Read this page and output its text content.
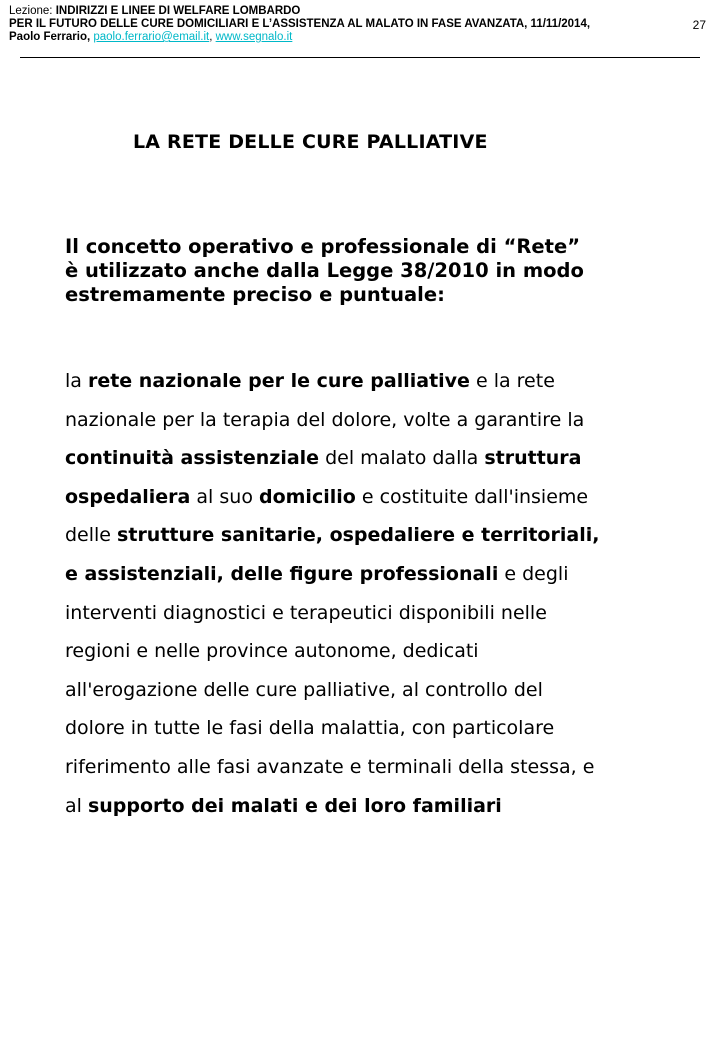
Lezione: INDIRIZZI E LINEE DI WELFARE LOMBARDO
PER IL FUTURO DELLE CURE DOMICILIARI E L’ASSISTENZA AL MALATO IN FASE AVANZATA, 11/11/2014,
Paolo Ferrario, paolo.ferrario@email.it, www.segnalo.it
27
LA RETE DELLE CURE PALLIATIVE
Il concetto operativo e professionale di “Rete”
è utilizzato anche dalla Legge 38/2010 in modo
estremamente preciso e puntuale:
la rete nazionale per le cure palliative e la rete
nazionale per la terapia del dolore, volte a garantire la
continuità assistenziale del malato dalla struttura
ospedaliera al suo domicilio e costituite dall'insieme
delle strutture sanitarie, ospedaliere e territoriali,
e assistenziali, delle figure professionali e degli
interventi diagnostici e terapeutici disponibili nelle
regioni e nelle province autonome, dedicati
all'erogazione delle cure palliative, al controllo del
dolore in tutte le fasi della malattia, con particolare
riferimento alle fasi avanzate e terminali della stessa, e
al supporto dei malati e dei loro familiari
